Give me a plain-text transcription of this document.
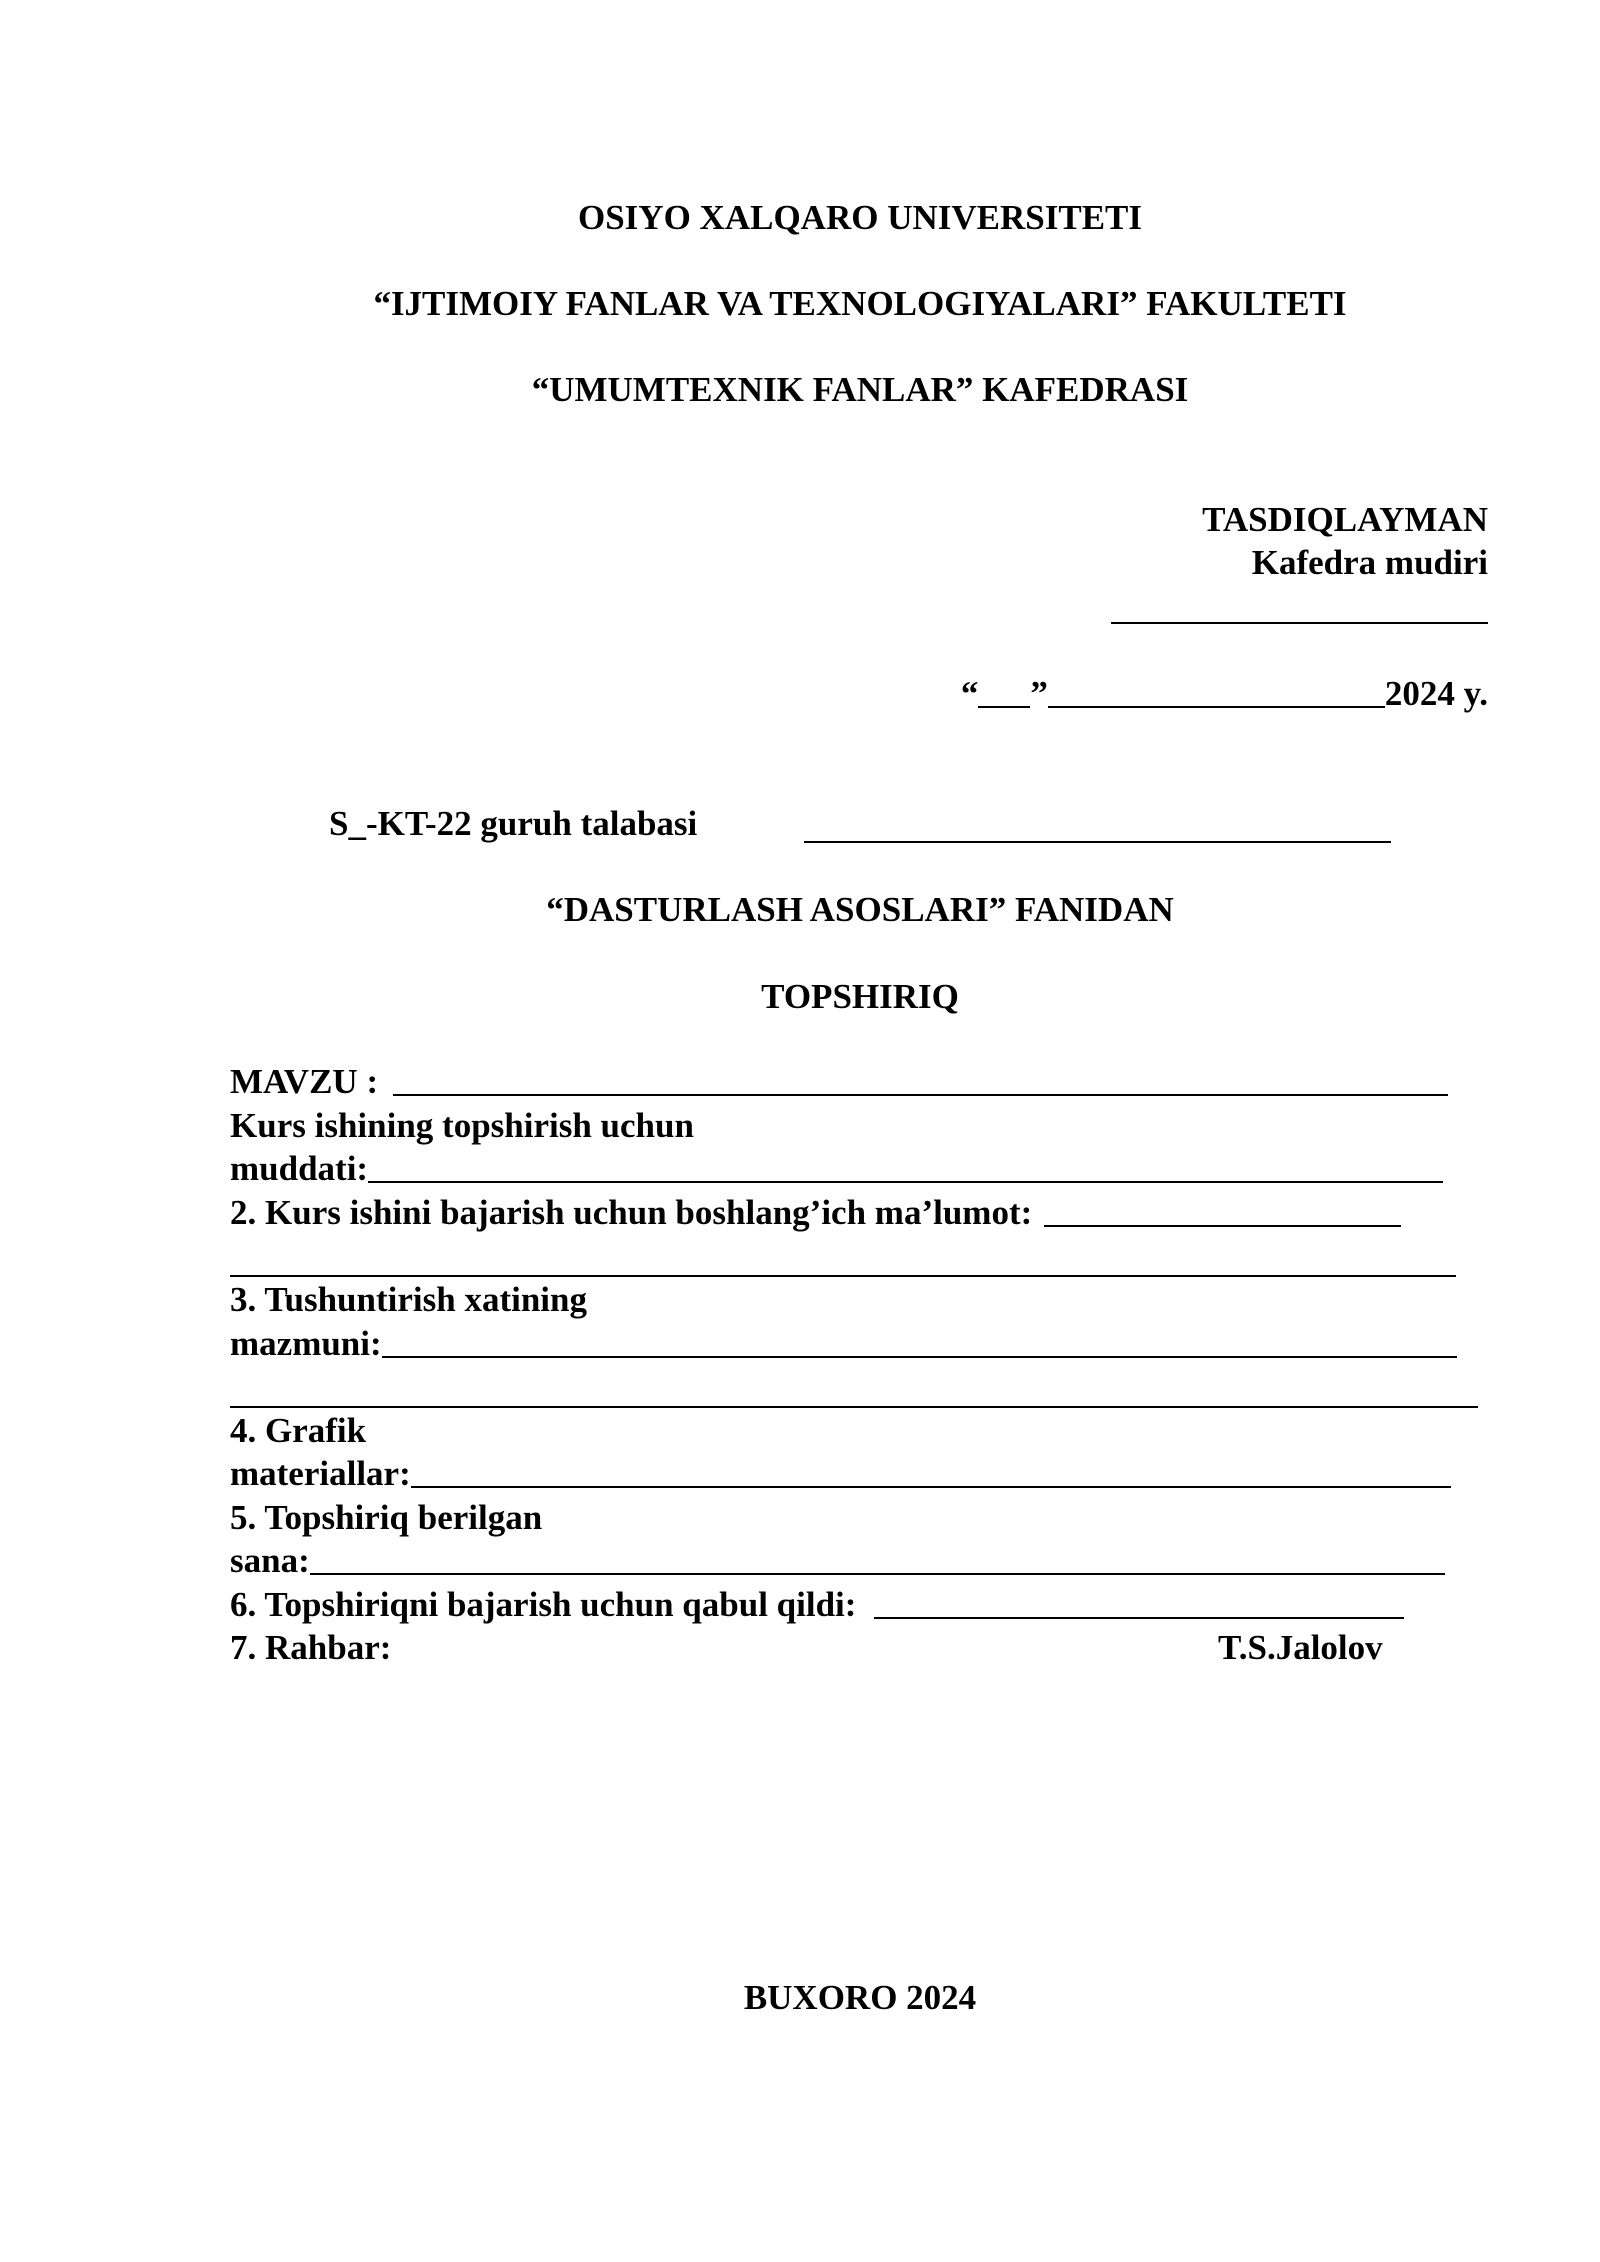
OSIYO XALQARO UNIVERSITETI
“IJTIMOIY FANLAR VA TEXNOLOGIYALARI” FAKULTETI
“UMUMTEXNIK FANLAR” KAFEDRASI
TASDIQLAYMAN
Kafedra mudiri
“ ”	2024 y.
S_-KT-22 guruh talabasi
“DASTURLASH ASOSLARI” FANIDAN
TOPSHIRIQ
MAVZU :
Kurs ishining topshirish uchun
muddati:
2. Kurs ishini bajarish uchun boshlang’ich ma’lumot:
3. Tushuntirish xatining
mazmuni:
4. Grafik
materiallar:
5. Topshiriq berilgan
sana:
6. Topshiriqni bajarish uchun qabul qildi:
7. Rahbar:	T.S.Jalolov
BUXORO 2024
